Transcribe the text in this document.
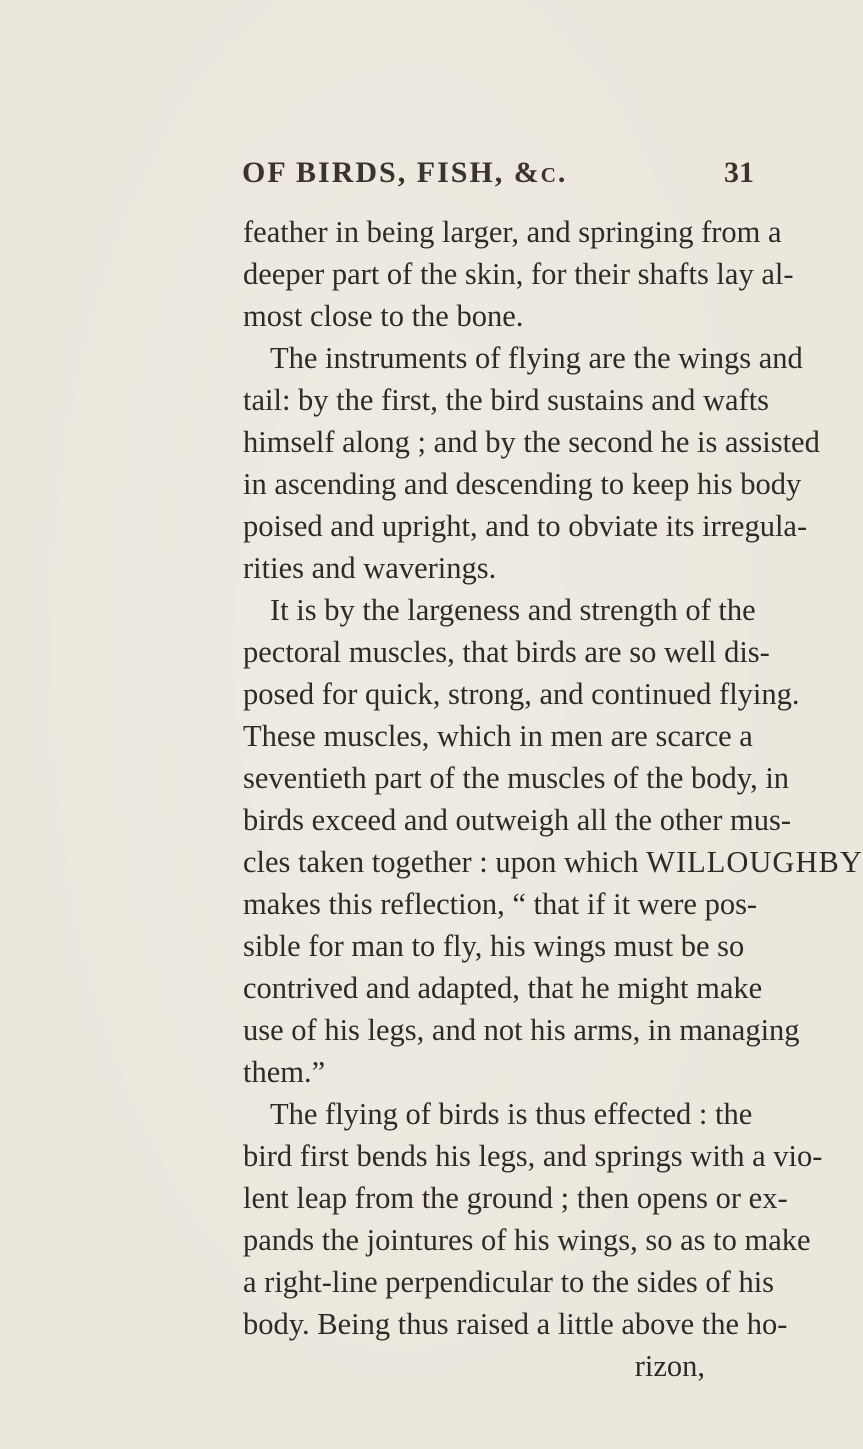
OF BIRDS, FISH, &c.	31
feather in being larger, and springing from a
deeper part of the skin, for their shafts lay al-
most close to the bone.
The instruments of flying are the wings and
tail: by the first, the bird sustains and wafts
himself along ; and by the second he is assisted
in ascending and descending to keep his body
poised and upright, and to obviate its irregula-
rities and waverings.
It is by the largeness and strength of the
pectoral muscles, that birds are so well dis-
posed for quick, strong, and continued flying.
These muscles, which in men are scarce a
seventieth part of the muscles of the body, in
birds exceed and outweigh all the other mus-
cles taken together : upon which WILLOUGHBY
makes this reflection, “ that if it were pos-
sible for man to fly, his wings must be so
contrived and adapted, that he might make
use of his legs, and not his arms, in managing
them.”
The flying of birds is thus effected : the
bird first bends his legs, and springs with a vio-
lent leap from the ground ; then opens or ex-
pands the jointures of his wings, so as to make
a right-line perpendicular to the sides of his
body. Being thus raised a little above the ho-
rizon,
